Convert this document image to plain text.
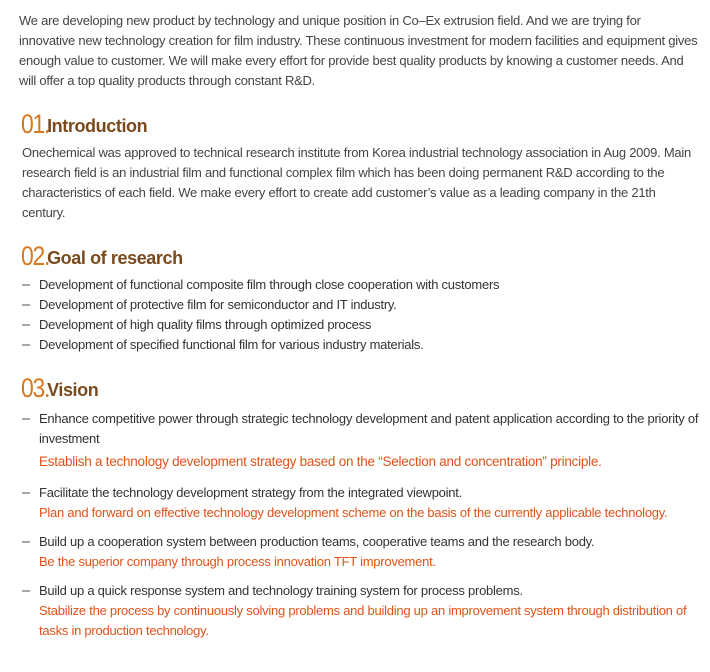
We are developing new product by technology and unique position in Co–Ex extrusion field. And we are trying for innovative new technology creation for film industry. These continuous investment for modern facilities and equipment gives enough value to customer. We will make every effort for provide best quality products by knowing a customer needs. And will offer a top quality products through constant R&D.

01 .
Introduction

Onechemical was approved to technical research institute from Korea industrial technology association in Aug 2009. Main research field is an industrial film and functional complex film which has been doing permanent R&D according to the characteristics of each field. We make every effort to create add customer’s value as a leading company in the 21th century.

02 .
Goal of research
Development of functional composite film through close cooperation with customers
Development of protective film for semiconductor and IT industry.
Development of high quality films through optimized process
Development of specified functional film for various industry materials.
03 .
Vision
Enhance competitive power through strategic technology development and patent application according to the priority of investment
Establish a technology development strategy based on the “Selection and concentration” principle.
Facilitate the technology development strategy from the integrated viewpoint.
Plan and forward on effective technology development scheme on the basis of the currently applicable technology.
Build up a cooperation system between production teams, cooperative teams and the research body.
Be the superior company through process innovation TFT improvement.
Build up a quick response system and technology training system for process problems.
Stabilize the process by continuously solving problems and building up an improvement system through distribution of tasks in production technology.
